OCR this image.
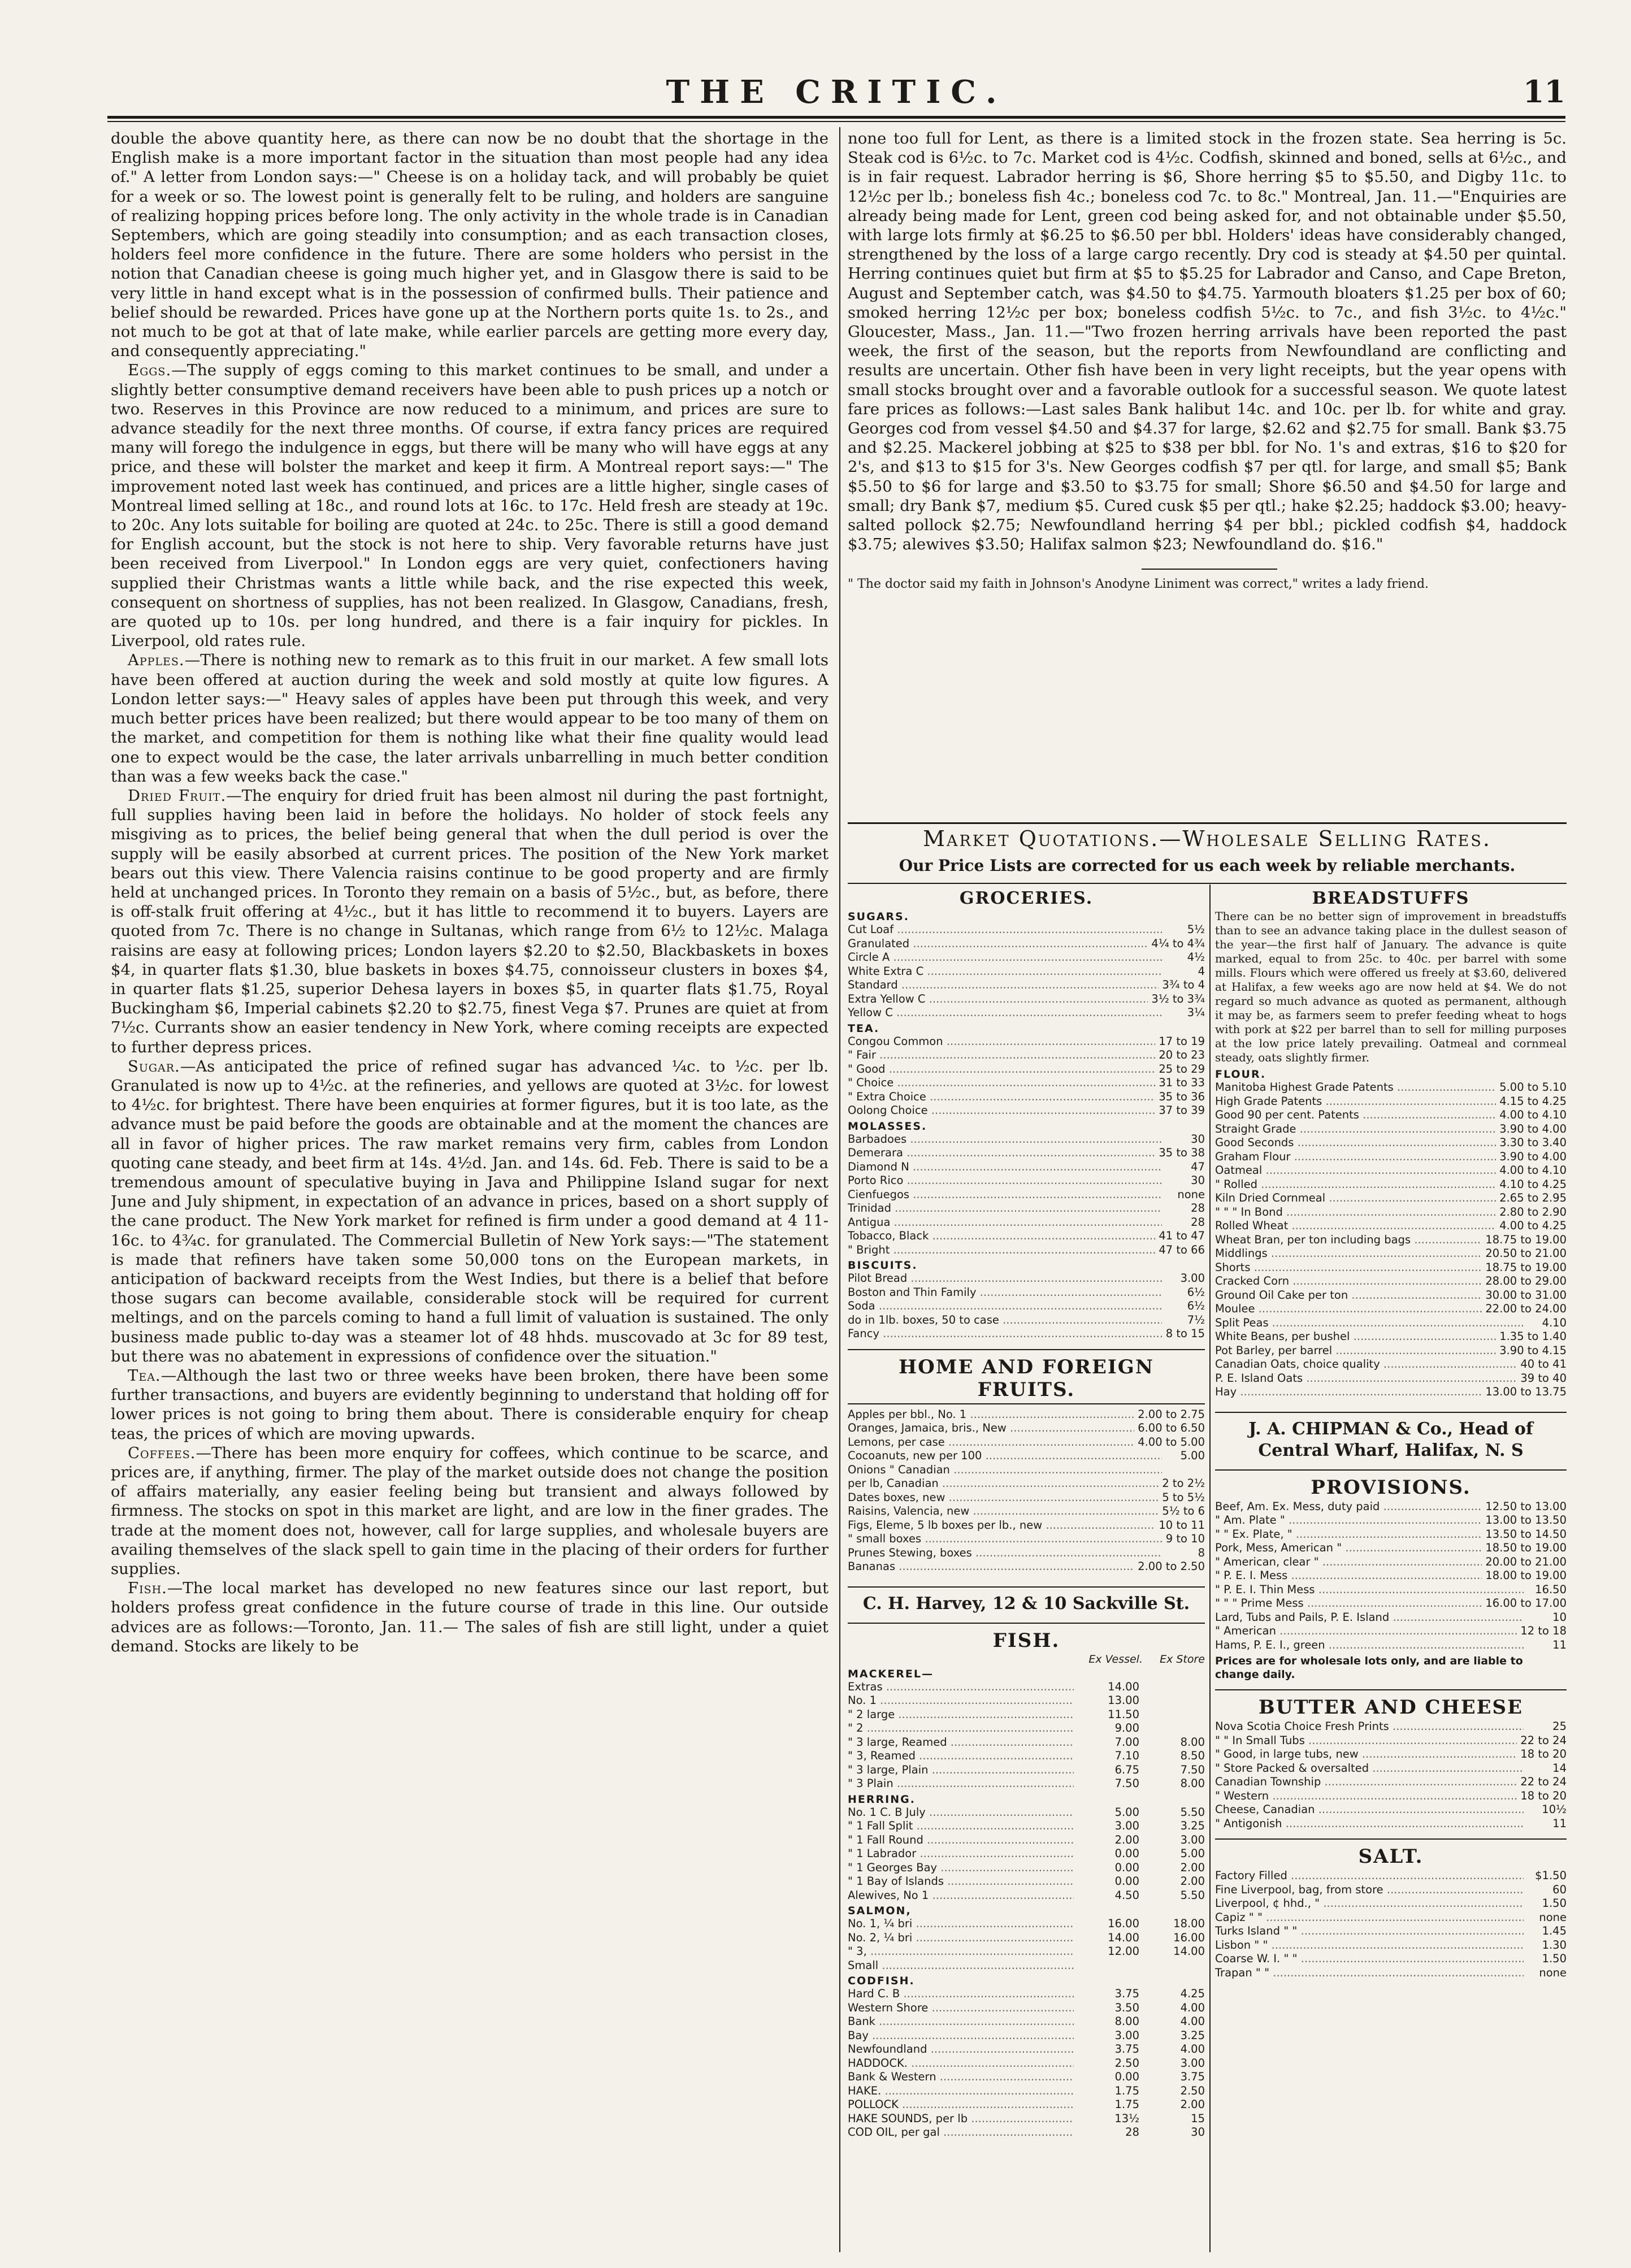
THE CRITIC.	11

double the above quantity here, as there can now be no doubt that the shortage in the English make is a more important factor in the situation than most people had any idea of." A letter from London says:—" Cheese is on a holiday tack, and will probably be quiet for a week or so. The lowest point is generally felt to be ruling, and holders are sanguine of realizing hopping prices before long. The only activity in the whole trade is in Canadian Septembers, which are going steadily into consumption; and as each transaction closes, holders feel more confidence in the future. There are some holders who persist in the notion that Canadian cheese is going much higher yet, and in Glasgow there is said to be very little in hand except what is in the possession of confirmed bulls. Their patience and belief should be rewarded. Prices have gone up at the Northern ports quite 1s. to 2s., and not much to be got at that of late make, while earlier parcels are getting more every day, and consequently appreciating."

Eggs.—The supply of eggs coming to this market continues to be small, and under a slightly better consumptive demand receivers have been able to push prices up a notch or two. Reserves in this Province are now reduced to a minimum, and prices are sure to advance steadily for the next three months. Of course, if extra fancy prices are required many will forego the indulgence in eggs, but there will be many who will have eggs at any price, and these will bolster the market and keep it firm. A Montreal report says:—" The improvement noted last week has continued, and prices are a little higher, single cases of Montreal limed selling at 18c., and round lots at 16c. to 17c. Held fresh are steady at 19c. to 20c. Any lots suitable for boiling are quoted at 24c. to 25c. There is still a good demand for English account, but the stock is not here to ship. Very favorable returns have just been received from Liverpool." In London eggs are very quiet, confectioners having supplied their Christmas wants a little while back, and the rise expected this week, consequent on shortness of supplies, has not been realized. In Glasgow, Canadians, fresh, are quoted up to 10s. per long hundred, and there is a fair inquiry for pickles. In Liverpool, old rates rule.

Apples.—There is nothing new to remark as to this fruit in our market. A few small lots have been offered at auction during the week and sold mostly at quite low figures. A London letter says:—" Heavy sales of apples have been put through this week, and very much better prices have been realized; but there would appear to be too many of them on the market, and competition for them is nothing like what their fine quality would lead one to expect would be the case, the later arrivals unbarrelling in much better condition than was a few weeks back the case."

Dried Fruit.—The enquiry for dried fruit has been almost nil during the past fortnight, full supplies having been laid in before the holidays. No holder of stock feels any misgiving as to prices, the belief being general that when the dull period is over the supply will be easily absorbed at current prices. The position of the New York market bears out this view. There Valencia raisins continue to be good property and are firmly held at unchanged prices. In Toronto they remain on a basis of 5½c., but, as before, there is off-stalk fruit offering at 4½c., but it has little to recommend it to buyers. Layers are quoted from 7c. There is no change in Sultanas, which range from 6½ to 12½c. Malaga raisins are easy at following prices; London layers $2.20 to $2.50, Blackbaskets in boxes $4, in quarter flats $1.30, blue baskets in boxes $4.75, connoisseur clusters in boxes $4, in quarter flats $1.25, superior Dehesa layers in boxes $5, in quarter flats $1.75, Royal Buckingham $6, Imperial cabinets $2.20 to $2.75, finest Vega $7. Prunes are quiet at from 7½c. Currants show an easier tendency in New York, where coming receipts are expected to further depress prices.

Sugar.—As anticipated the price of refined sugar has advanced ¼c. to ½c. per lb. Granulated is now up to 4½c. at the refineries, and yellows are quoted at 3½c. for lowest to 4½c. for brightest. There have been enquiries at former figures, but it is too late, as the advance must be paid before the goods are obtainable and at the moment the chances are all in favor of higher prices. The raw market remains very firm, cables from London quoting cane steady, and beet firm at 14s. 4½d. Jan. and 14s. 6d. Feb. There is said to be a tremendous amount of speculative buying in Java and Philippine Island sugar for next June and July shipment, in expectation of an advance in prices, based on a short supply of the cane product. The New York market for refined is firm under a good demand at 4 11-16c. to 4¾c. for granulated. The Commercial Bulletin of New York says:—"The statement is made that refiners have taken some 50,000 tons on the European markets, in anticipation of backward receipts from the West Indies, but there is a belief that before those sugars can become available, considerable stock will be required for current meltings, and on the parcels coming to hand a full limit of valuation is sustained. The only business made public to-day was a steamer lot of 48 hhds. muscovado at 3c for 89 test, but there was no abatement in expressions of confidence over the situation."

Tea.—Although the last two or three weeks have been broken, there have been some further transactions, and buyers are evidently beginning to understand that holding off for lower prices is not going to bring them about. There is considerable enquiry for cheap teas, the prices of which are moving upwards.

Coffees.—There has been more enquiry for coffees, which continue to be scarce, and prices are, if anything, firmer. The play of the market outside does not change the position of affairs materially, any easier feeling being but transient and always followed by firmness. The stocks on spot in this market are light, and are low in the finer grades. The trade at the moment does not, however, call for large supplies, and wholesale buyers are availing themselves of the slack spell to gain time in the placing of their orders for further supplies.

Fish.—The local market has developed no new features since our last report, but holders profess great confidence in the future course of trade in this line. Our outside advices are as follows:—Toronto, Jan. 11.— The sales of fish are still light, under a quiet demand. Stocks are likely to be

none too full for Lent, as there is a limited stock in the frozen state. Sea herring is 5c. Steak cod is 6½c. to 7c. Market cod is 4½c. Codfish, skinned and boned, sells at 6½c., and is in fair request. Labrador herring is $6, Shore herring $5 to $5.50, and Digby 11c. to 12½c per lb.; boneless fish 4c.; boneless cod 7c. to 8c." Montreal, Jan. 11.—"Enquiries are already being made for Lent, green cod being asked for, and not obtainable under $5.50, with large lots firmly at $6.25 to $6.50 per bbl. Holders' ideas have considerably changed, strengthened by the loss of a large cargo recently. Dry cod is steady at $4.50 per quintal. Herring continues quiet but firm at $5 to $5.25 for Labrador and Canso, and Cape Breton, August and September catch, was $4.50 to $4.75. Yarmouth bloaters $1.25 per box of 60; smoked herring 12½c per box; boneless codfish 5½c. to 7c., and fish 3½c. to 4½c." Gloucester, Mass., Jan. 11.—"Two frozen herring arrivals have been reported the past week, the first of the season, but the reports from Newfoundland are conflicting and results are uncertain. Other fish have been in very light receipts, but the year opens with small stocks brought over and a favorable outlook for a successful season. We quote latest fare prices as follows:—Last sales Bank halibut 14c. and 10c. per lb. for white and gray. Georges cod from vessel $4.50 and $4.37 for large, $2.62 and $2.75 for small. Bank $3.75 and $2.25. Mackerel jobbing at $25 to $38 per bbl. for No. 1's and extras, $16 to $20 for 2's, and $13 to $15 for 3's. New Georges codfish $7 per qtl. for large, and small $5; Bank $5.50 to $6 for large and $3.50 to $3.75 for small; Shore $6.50 and $4.50 for large and small; dry Bank $7, medium $5. Cured cusk $5 per qtl.; hake $2.25; haddock $3.00; heavy-salted pollock $2.75; Newfoundland herring $4 per bbl.; pickled codfish $4, haddock $3.75; alewives $3.50; Halifax salmon $23; Newfoundland do. $16."

" The doctor said my faith in Johnson's Anodyne Liniment was correct," writes a lady friend.
Market Quotations.—Wholesale Selling Rates.
Our Price Lists are corrected for us each week by reliable merchants.
GROCERIES.
SUGARS.
Cut Loaf .....	5½
Granulated .....	4¼ to 4¾
Circle A .....	4½
White Extra C .....	4
Standard .....	3¾ to 4
Extra Yellow C .....	3½ to 3¾
Yellow C .....	3¼
TEA.
Congou Common .....	17 to 19
" Fair .....	20 to 23
" Good .....	25 to 29
" Choice .....	31 to 33
" Extra Choice .....	35 to 36
Oolong Choice .....	37 to 39
MOLASSES.
Barbadoes .....	30
Demerara .....	35 to 38
Diamond N .....	47
Porto Rico .....	30
Cienfuegos .....	none
Trinidad .....	28
Antigua .....	28
Tobacco, Black .....	41 to 47
" Bright .....	47 to 66
BISCUITS.
Pilot Bread .....	3.00
Boston and Thin Family .....	6½
Soda .....	6½
do in 1lb. boxes, 50 to case .....	7½
Fancy .....	8 to 15
HOME AND FOREIGN FRUITS.
Apples per bbl., No. 1 .....	2.00 to 2.75
Oranges, Jamaica, bris., New .....	6.00 to 6.50
Lemons, per case .....	4.00 to 5.00
Cocoanuts, new per 100 .....	5.00
Onions " Canadian .....
per lb, Canadian .....	2 to 2½
Dates boxes, new .....	5 to 5½
Raisins, Valencia, new .....	5½ to 6
Figs, Eleme, 5 lb boxes per lb., new .....	10 to 11
" small boxes .....	9 to 10
Prunes Stewing, boxes .....	8
Bananas .....	2.00 to 2.50
C. H. Harvey, 12 & 10 Sackville St.
FISH.
Ex Vessel.	Ex Store
MACKEREL—
Extras .....	14.00
No. 1 .....	13.00
" 2 large .....	11.50
" 2 .....	9.00
" 3 large, Reamed .....	7.00	8.00
" 3, Reamed .....	7.10	8.50
" 3 large, Plain .....	6.75	7.50
" 3 Plain .....	7.50	8.00
HERRING.
No. 1 C. B July .....	5.00	5.50
" 1 Fall Split .....	3.00	3.25
" 1 Fall Round .....	2.00	3.00
" 1 Labrador .....	0.00	5.00
" 1 Georges Bay .....	0.00	2.00
" 1 Bay of Islands .....	0.00	2.00
Alewives, No 1 .....	4.50	5.50
SALMON,
No. 1, ¼ bri .....	16.00	18.00
No. 2, ¼ bri .....	14.00	16.00
" 3, .....	12.00	14.00
Small .....
CODFISH.
Hard C. B .....	3.75	4.25
Western Shore .....	3.50	4.00
Bank .....	8.00	4.00
Bay .....	3.00	3.25
Newfoundland .....	3.75	4.00
HADDOCK. .....	2.50	3.00
Bank & Western .....	0.00	3.75
HAKE. .....	1.75	2.50
POLLOCK .....	1.75	2.00
HAKE SOUNDS, per lb .....	13½	15
COD OIL, per gal .....	28	30
BREADSTUFFS
There can be no better sign of improvement in breadstuffs than to see an advance taking place in the dullest season of the year—the first half of January. The advance is quite marked, equal to from 25c. to 40c. per barrel with some mills. Flours which were offered us freely at $3.60, delivered at Halifax, a few weeks ago are now held at $4. We do not regard so much advance as quoted as permanent, although it may be, as farmers seem to prefer feeding wheat to hogs with pork at $22 per barrel than to sell for milling purposes at the low price lately prevailing. Oatmeal and cornmeal steady, oats slightly firmer.
FLOUR.
Manitoba Highest Grade Patents .....	5.00 to 5.10
High Grade Patents .....	4.15 to 4.25
Good 90 per cent. Patents .....	4.00 to 4.10
Straight Grade .....	3.90 to 4.00
Good Seconds .....	3.30 to 3.40
Graham Flour .....	3.90 to 4.00
Oatmeal .....	4.00 to 4.10
" Rolled .....	4.10 to 4.25
Kiln Dried Cornmeal .....	2.65 to 2.95
" " " In Bond .....	2.80 to 2.90
Rolled Wheat .....	4.00 to 4.25
Wheat Bran, per ton including bags .....	18.75 to 19.00
Middlings .....	20.50 to 21.00
Shorts .....	18.75 to 19.00
Cracked Corn .....	28.00 to 29.00
Ground Oil Cake per ton .....	30.00 to 31.00
Moulee .....	22.00 to 24.00
Split Peas .....	4.10
White Beans, per bushel .....	1.35 to 1.40
Pot Barley, per barrel .....	3.90 to 4.15
Canadian Oats, choice quality .....	40 to 41
P. E. Island Oats .....	39 to 40
Hay .....	13.00 to 13.75
J. A. CHIPMAN & Co., Head of Central Wharf, Halifax, N. S
PROVISIONS.
Beef, Am. Ex. Mess, duty paid .....	12.50 to 13.00
" Am. Plate " .....	13.00 to 13.50
" " Ex. Plate, " .....	13.50 to 14.50
Pork, Mess, American " .....	18.50 to 19.00
" American, clear " .....	20.00 to 21.00
" P. E. I. Mess .....	18.00 to 19.00
" P. E. I. Thin Mess .....	16.50
" " " Prime Mess .....	16.00 to 17.00
Lard, Tubs and Pails, P. E. Island .....	10
" American .....	12 to 18
Hams, P. E. I., green .....	11
Prices are for wholesale lots only, and are liable to change daily.
BUTTER AND CHEESE
Nova Scotia Choice Fresh Prints .....	25
" " In Small Tubs .....	22 to 24
" Good, in large tubs, new .....	18 to 20
" Store Packed & oversalted .....	14
Canadian Township .....	22 to 24
" Western .....	18 to 20
Cheese, Canadian .....	10½
" Antigonish .....	11
SALT.
Factory Filled .....	$1.50
Fine Liverpool, bag, from store .....	60
Liverpool, ¢ hhd., " .....	1.50
Capiz " " .....	none
Turks Island " " .....	1.45
Lisbon " " .....	1.30
Coarse W. I. " " .....	1.50
Trapan " " .....	none
